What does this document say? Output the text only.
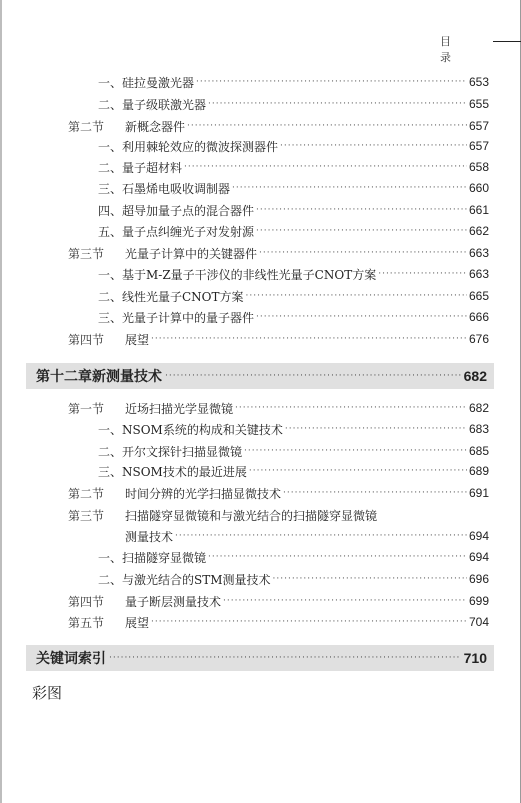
目 录
一、硅拉曼激光器 ·····	653
二、量子级联激光器 ·····	655
第二节 新概念器件 ·····	657
一、利用棘轮效应的微波探测器件 ·····	657
二、量子超材料 ·····	658
三、石墨烯电吸收调制器 ·····	660
四、超导加量子点的混合器件 ·····	661
五、量子点纠缠光子对发射源 ·····	662
第三节 光量子计算中的关键器件 ·····	663
一、基于M-Z量子干涉仪的非线性光量子CNOT方案 ·····	663
二、线性光量子CNOT方案 ·····	665
三、光量子计算中的量子器件 ·····	666
第四节 展望 ·····	676
第十二章 新测量技术 ·····	682
第一节 近场扫描光学显微镜 ·····	682
一、NSOM系统的构成和关键技术 ·····	683
二、开尔文探针扫描显微镜 ·····	685
三、NSOM技术的最近进展 ·····	689
第二节 时间分辨的光学扫描显微技术 ·····	691
第三节 扫描隧穿显微镜和与激光结合的扫描隧穿显微镜
测量技术 ·····	694
一、扫描隧穿显微镜 ·····	694
二、与激光结合的STM测量技术 ·····	696
第四节 量子断层测量技术 ·····	699
第五节 展望 ·····	704
关键词索引 ·····	710
彩图
